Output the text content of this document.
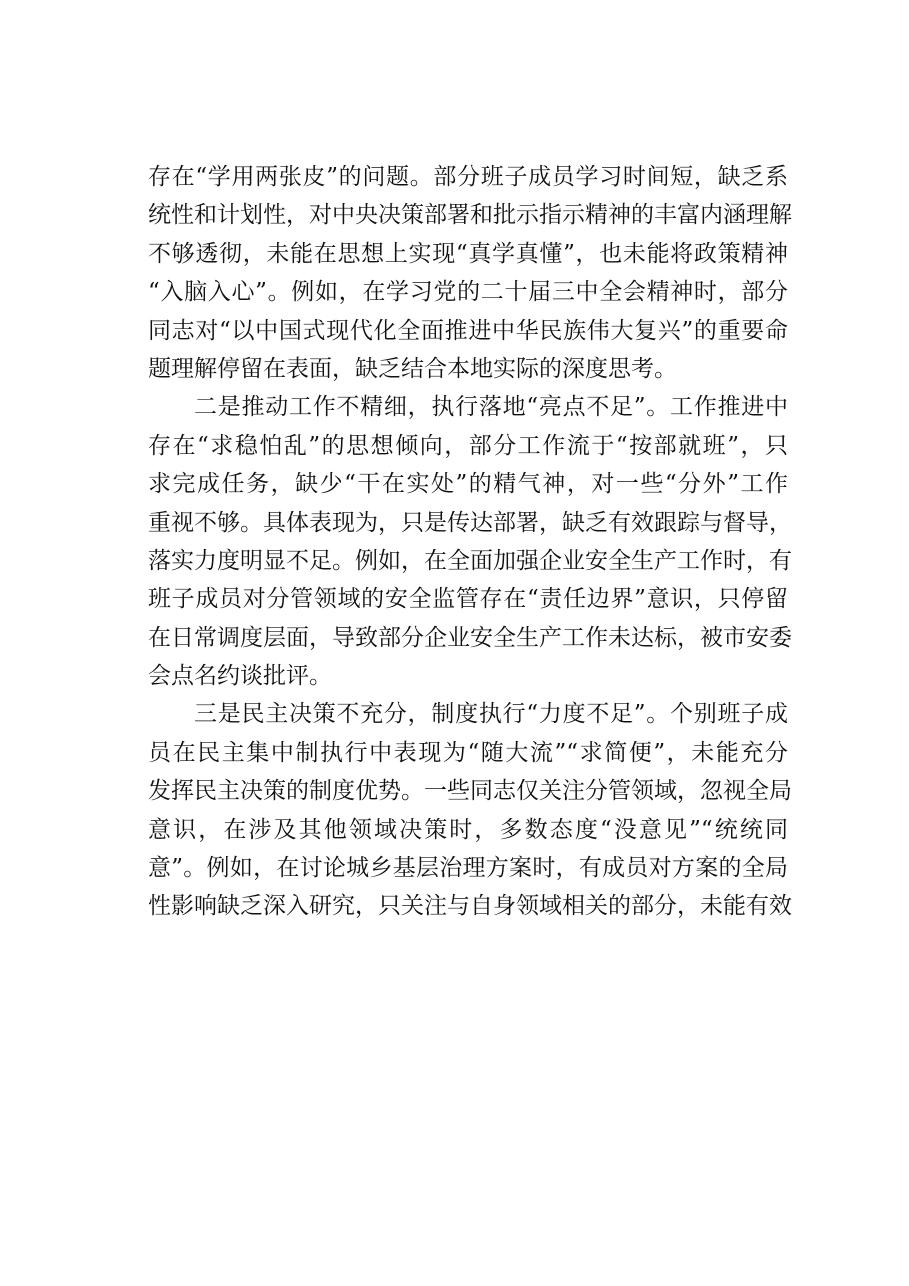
存在“学用两张皮”的问题。部分班子成员学习时间短，缺乏系
统性和计划性，对中央决策部署和批示指示精神的丰富内涵理解
不够透彻，未能在思想上实现“真学真懂”，也未能将政策精神
“入脑入心”。例如，在学习党的二十届三中全会精神时，部分
同志对“以中国式现代化全面推进中华民族伟大复兴”的重要命
题理解停留在表面，缺乏结合本地实际的深度思考。
二是推动工作不精细，执行落地“亮点不足”。工作推进中
存在“求稳怕乱”的思想倾向，部分工作流于“按部就班”，只
求完成任务，缺少“干在实处”的精气神，对一些“分外”工作
重视不够。具体表现为，只是传达部署，缺乏有效跟踪与督导，
落实力度明显不足。例如，在全面加强企业安全生产工作时，有
班子成员对分管领域的安全监管存在“责任边界”意识，只停留
在日常调度层面，导致部分企业安全生产工作未达标，被市安委
会点名约谈批评。
三是民主决策不充分，制度执行“力度不足”。个别班子成
员在民主集中制执行中表现为“随大流”“求简便”，未能充分
发挥民主决策的制度优势。一些同志仅关注分管领域，忽视全局
意识，在涉及其他领域决策时，多数态度“没意见”“统统同
意”。例如，在讨论城乡基层治理方案时，有成员对方案的全局
性影响缺乏深入研究，只关注与自身领域相关的部分，未能有效
